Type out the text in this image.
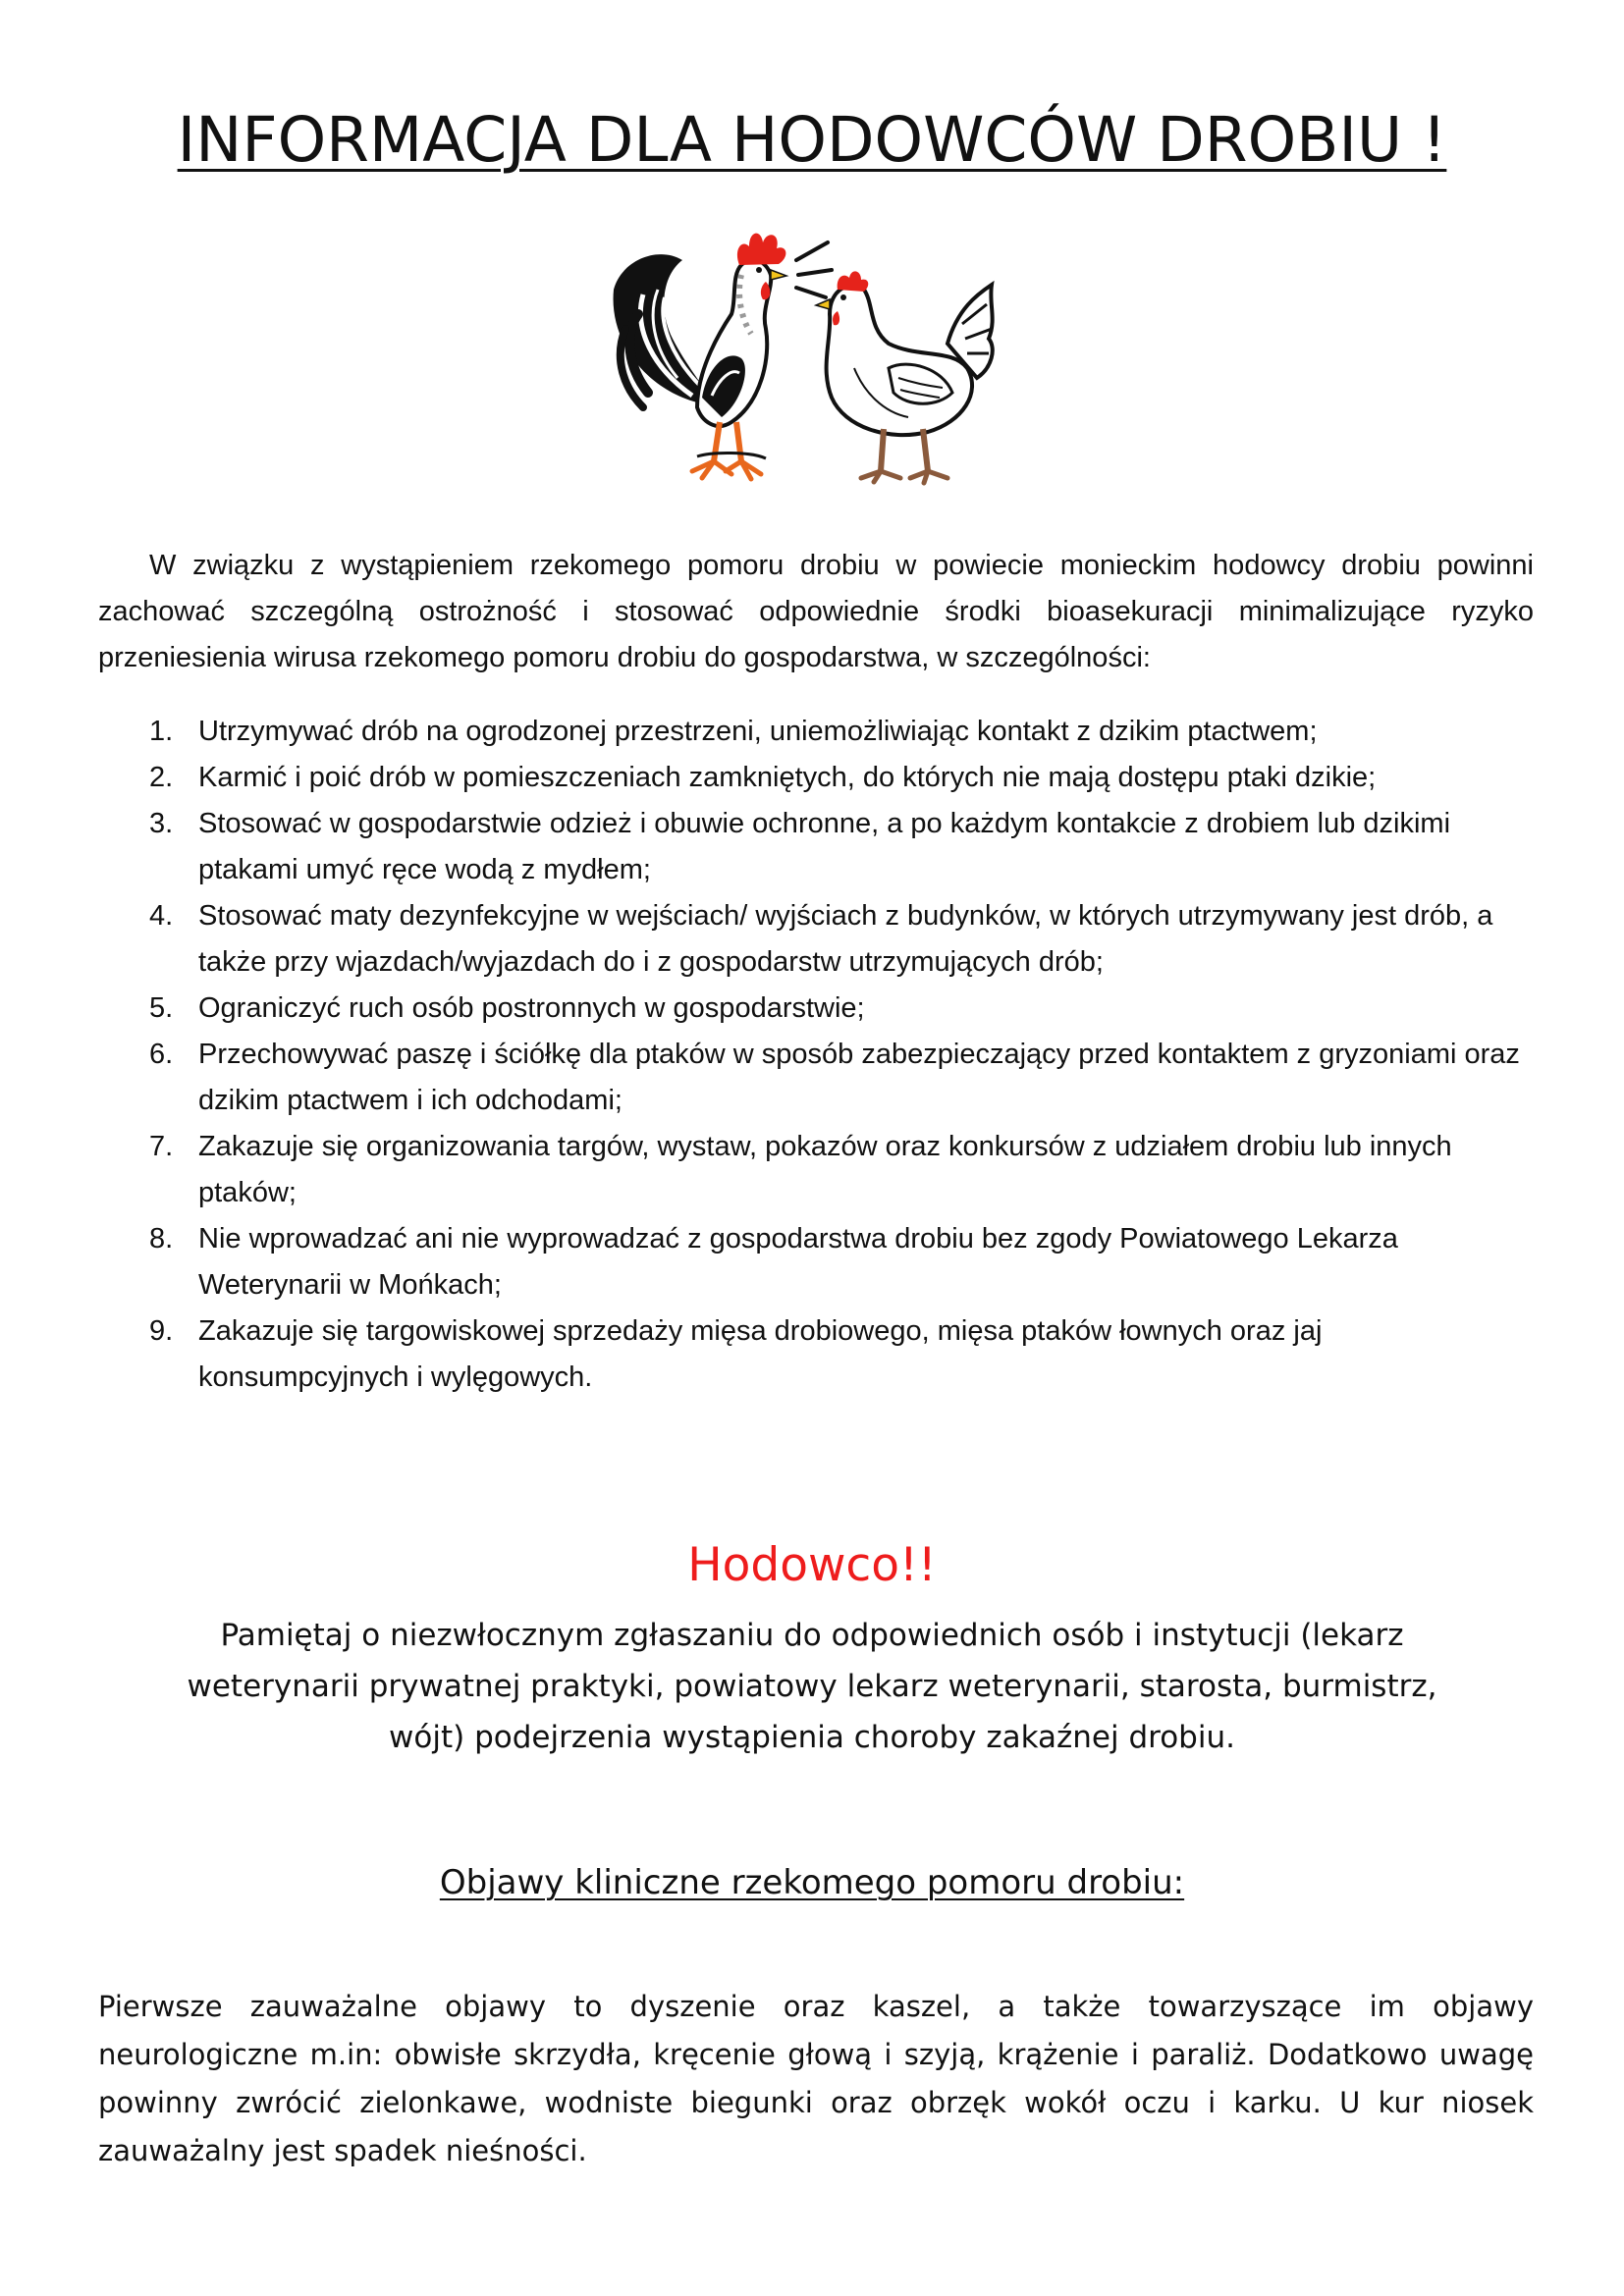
INFORMACJA DLA HODOWCÓW DROBIU !

W związku z wystąpieniem rzekomego pomoru drobiu w powiecie monieckim hodowcy drobiu powinni zachować szczególną ostrożność i stosować odpowiednie środki bioasekuracji minimalizujące ryzyko przeniesienia wirusa rzekomego pomoru drobiu do gospodarstwa, w szczególności:

1. Utrzymywać drób na ogrodzonej przestrzeni, uniemożliwiając kontakt z dzikim ptactwem;
2. Karmić i poić drób w pomieszczeniach zamkniętych, do których nie mają dostępu ptaki dzikie;
3. Stosować w gospodarstwie odzież i obuwie ochronne, a po każdym kontakcie z drobiem lub dzikimi ptakami umyć ręce wodą z mydłem;
4. Stosować maty dezynfekcyjne w wejściach/ wyjściach z budynków, w których utrzymywany jest drób, a także przy wjazdach/wyjazdach do i z gospodarstw utrzymujących drób;
5. Ograniczyć ruch osób postronnych w gospodarstwie;
6. Przechowywać paszę i ściółkę dla ptaków w sposób zabezpieczający przed kontaktem z gryzoniami oraz dzikim ptactwem i ich odchodami;
7. Zakazuje się organizowania targów, wystaw, pokazów oraz konkursów z udziałem drobiu lub innych ptaków;
8. Nie wprowadzać ani nie wyprowadzać z gospodarstwa drobiu bez zgody Powiatowego Lekarza Weterynarii w Mońkach;
9. Zakazuje się targowiskowej sprzedaży mięsa drobiowego, mięsa ptaków łownych oraz jaj konsumpcyjnych i wylęgowych.
Hodowco!!

Pamiętaj o niezwłocznym zgłaszaniu do odpowiednich osób i instytucji (lekarz weterynarii prywatnej praktyki, powiatowy lekarz weterynarii, starosta, burmistrz, wójt) podejrzenia wystąpienia choroby zakaźnej drobiu.

Objawy kliniczne rzekomego pomoru drobiu:

Pierwsze zauważalne objawy to dyszenie oraz kaszel, a także towarzyszące im objawy neurologiczne m.in: obwisłe skrzydła, kręcenie głową i szyją, krążenie i paraliż. Dodatkowo uwagę powinny zwrócić zielonkawe, wodniste biegunki oraz obrzęk wokół oczu i karku. U kur niosek zauważalny jest spadek nieśności.
